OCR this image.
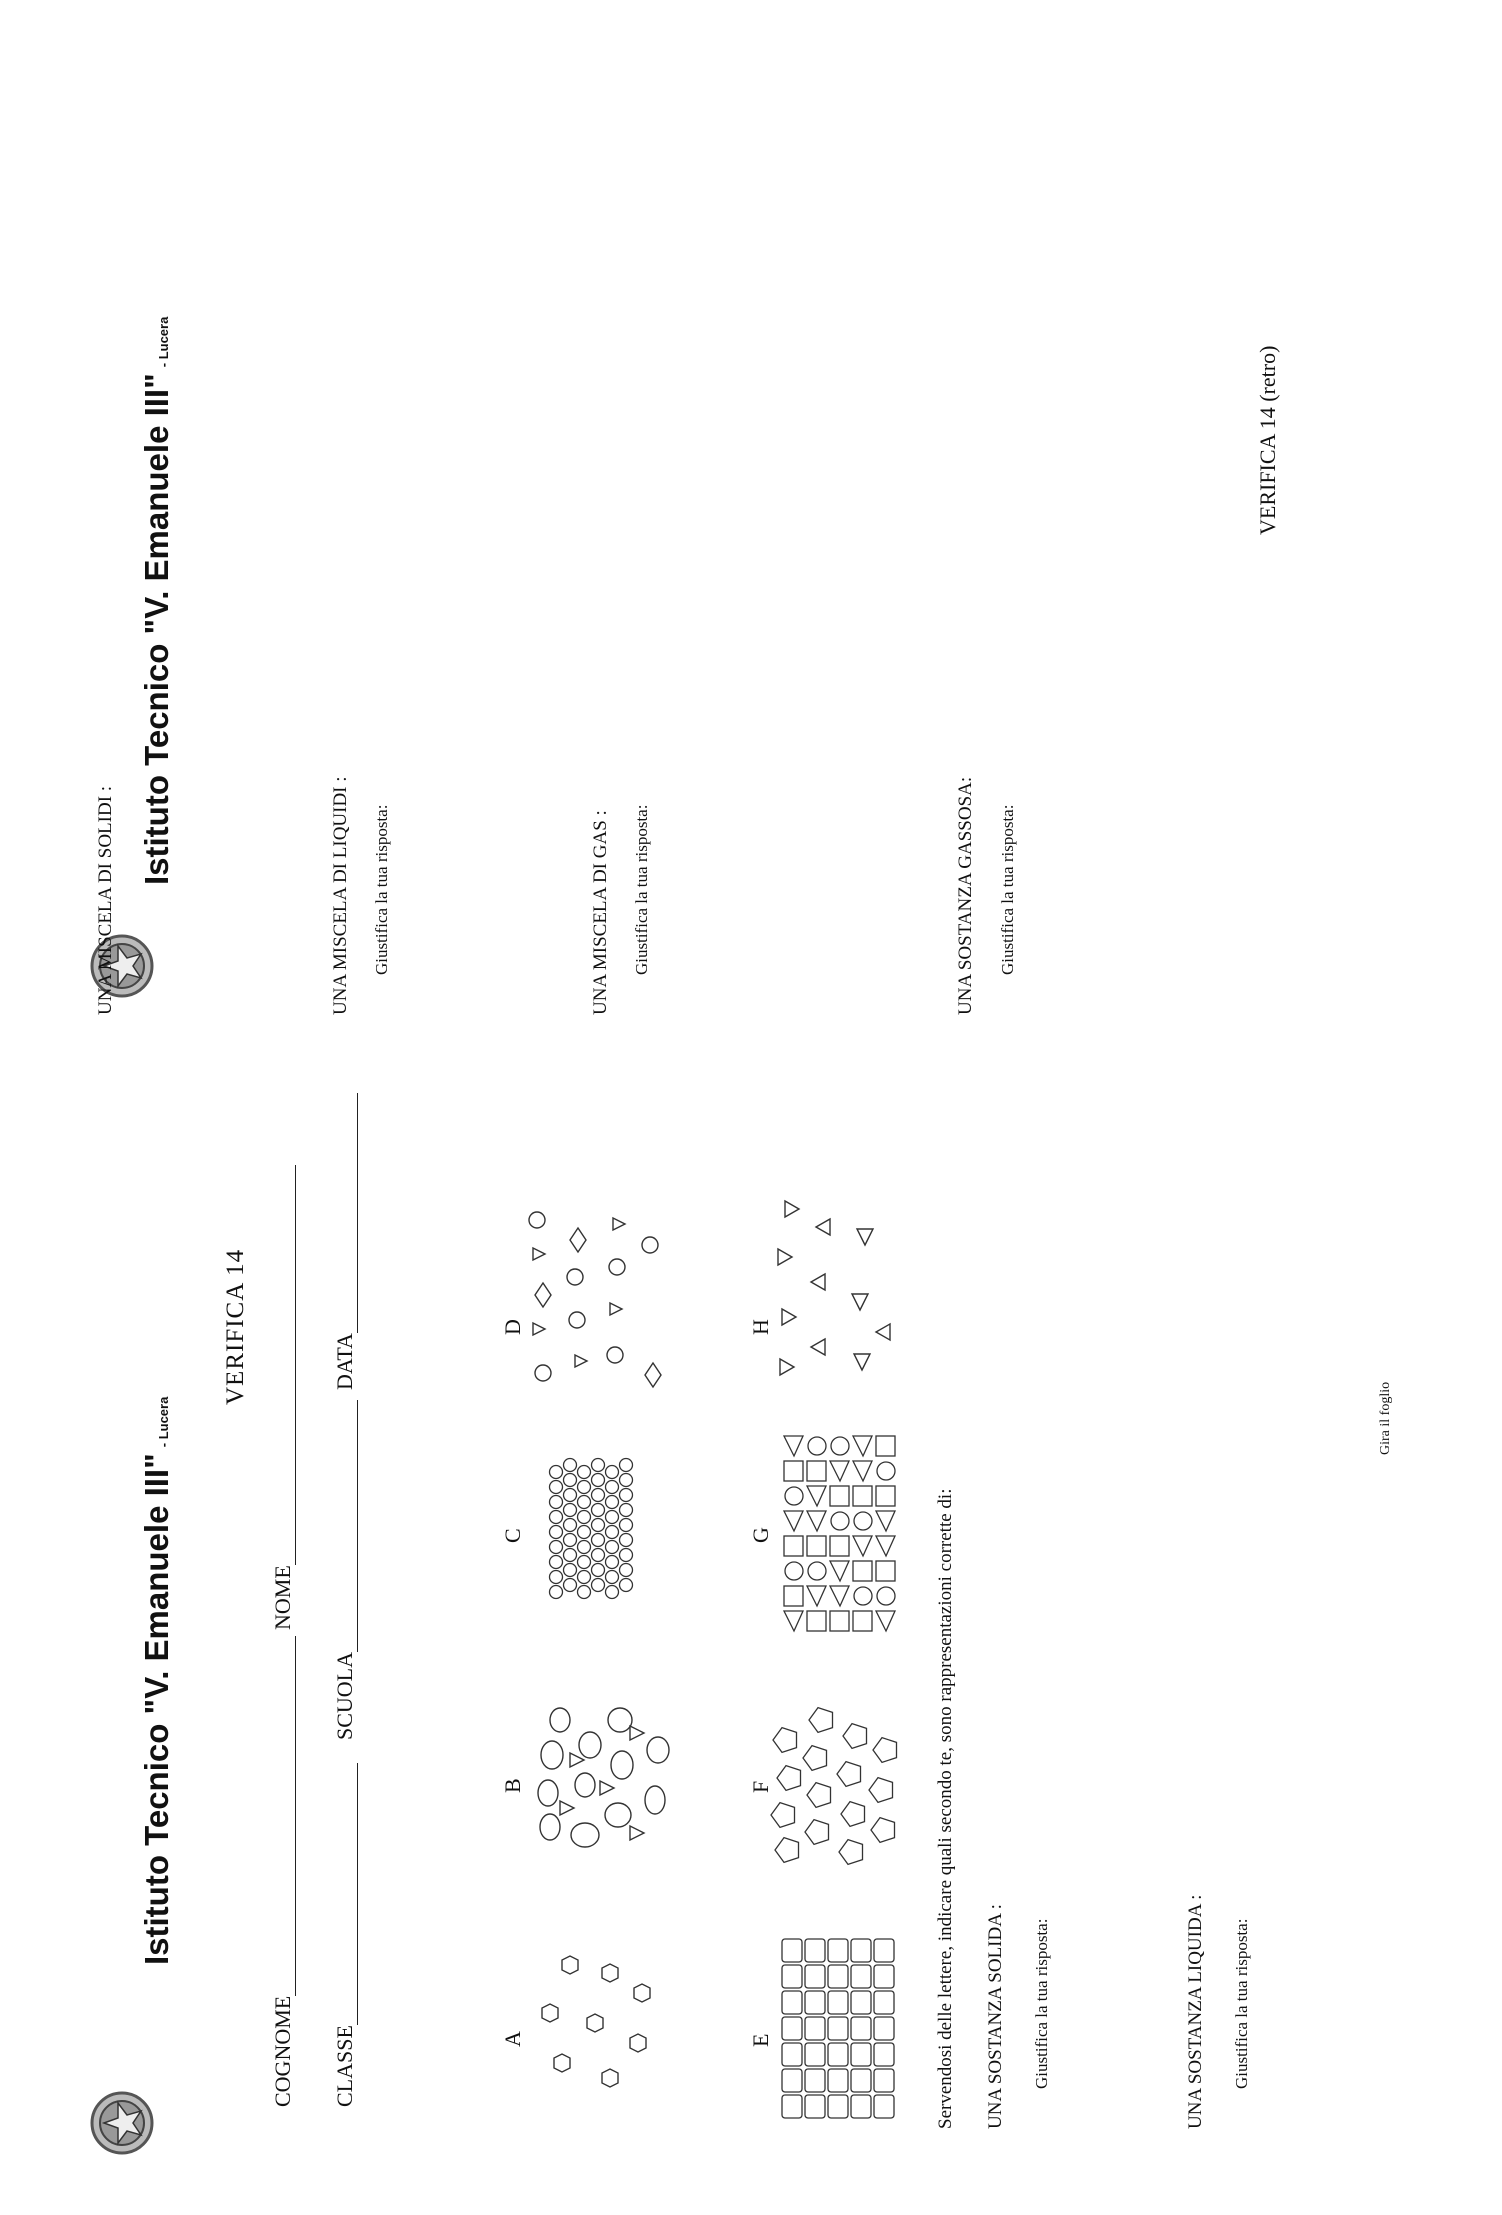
Istituto Tecnico "V. Emanuele III"- Lucera
VERIFICA 14
COGNOME
NOME
CLASSE
SCUOLA
DATA
A
B
C
D
E
F
G
H
Servendosi delle lettere, indicare quali secondo te, sono rappresentazioni corrette di: UNA SOSTANZA SOLIDA : Giustifica la tua risposta:	UNA SOSTANZA LIQUIDA : Giustifica la tua risposta:
Gira il foglio
Istituto Tecnico "V. Emanuele III"- Lucera
VERIFICA 14 (retro)
UNA SOSTANZA GASSOSA: Giustifica la tua risposta:
UNA MISCELA DI GAS : Giustifica la tua risposta:
UNA MISCELA DI LIQUIDI : Giustifica la tua risposta:
UNA MISCELA DI SOLIDI :
